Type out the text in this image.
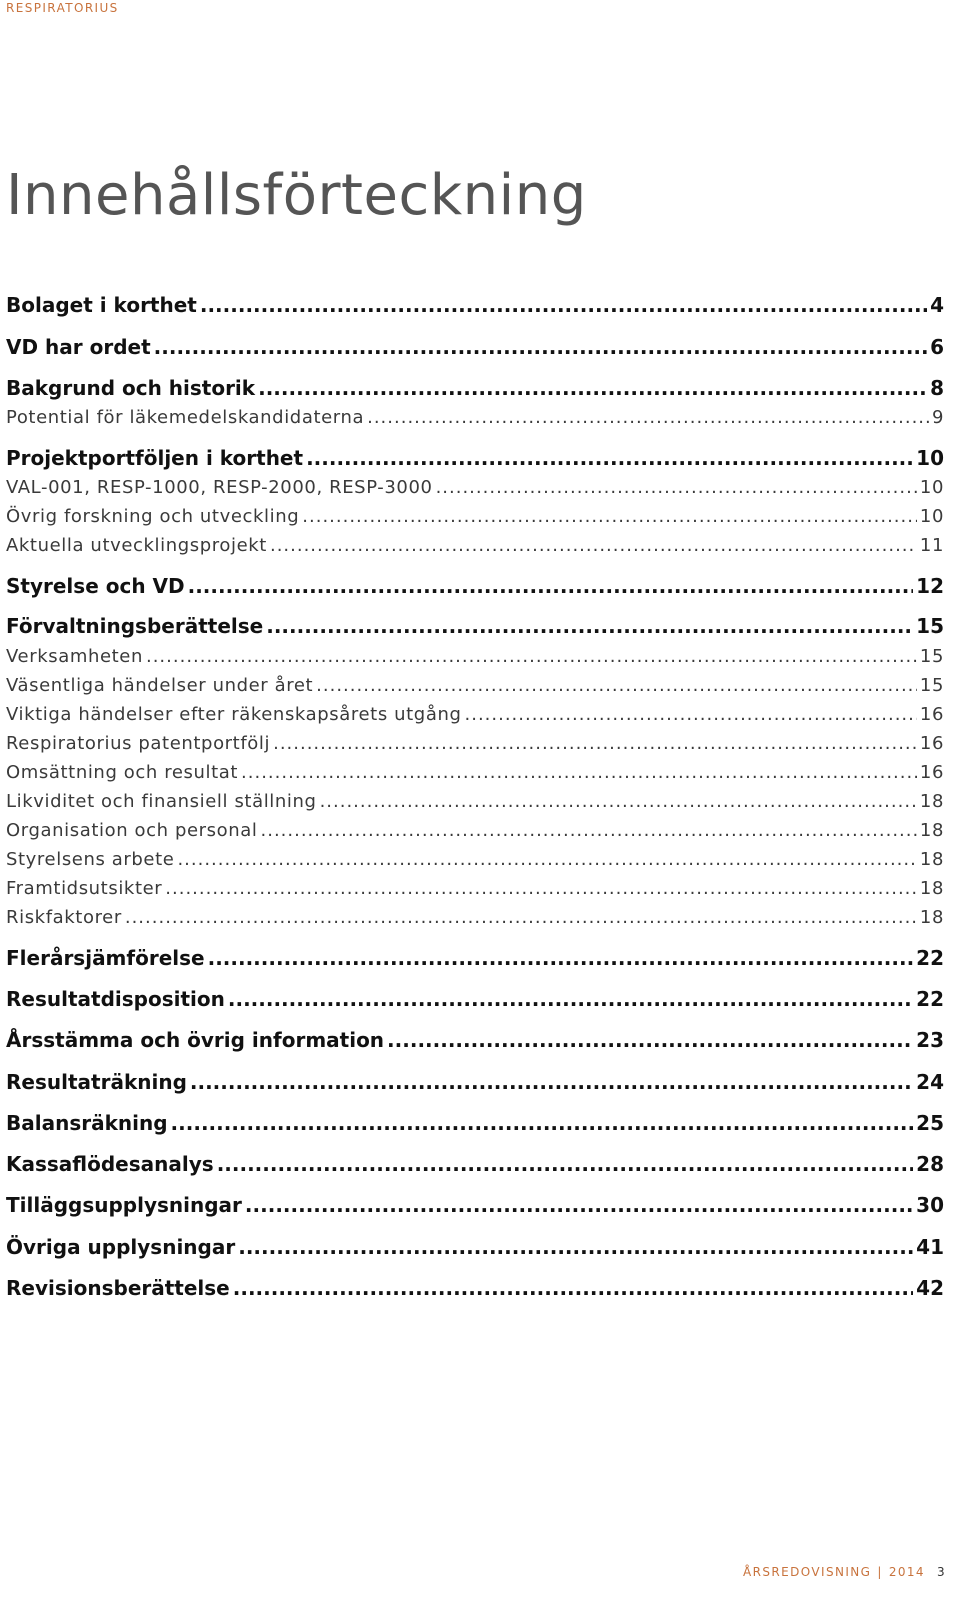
RESPIRATORIUS
Innehållsförteckning
Bolaget i korthet .....	4
VD har ordet .....	6
Bakgrund och historik .....	8
Potential för läkemedelskandidaterna .....	9
Projektportföljen i korthet .....	10
VAL-001, RESP-1000, RESP-2000, RESP-3000 .....	10
Övrig forskning och utveckling .....	10
Aktuella utvecklingsprojekt .....	11
Styrelse och VD .....	12
Förvaltningsberättelse .....	15
Verksamheten .....	15
Väsentliga händelser under året .....	15
Viktiga händelser efter räkenskapsårets utgång .....	16
Respiratorius patentportfölj .....	16
Omsättning och resultat .....	16
Likviditet och finansiell ställning .....	18
Organisation och personal .....	18
Styrelsens arbete .....	18
Framtidsutsikter .....	18
Riskfaktorer .....	18
Flerårsjämförelse .....	22
Resultatdisposition .....	22
Årsstämma och övrig information .....	23
Resultaträkning .....	24
Balansräkning .....	25
Kassaflödesanalys .....	28
Tilläggsupplysningar .....	30
Övriga upplysningar .....	41
Revisionsberättelse .....	42
ÅRSREDOVISNING | 2014 3
